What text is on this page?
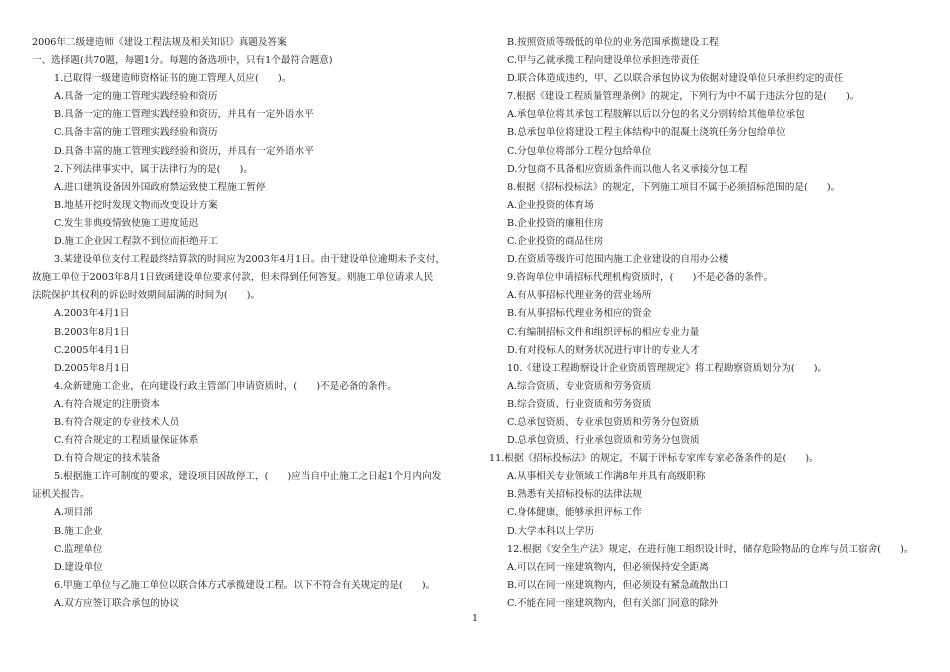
2006年二级建造师《建设工程法规及相关知识》真题及答案
一、选择题(共70题，每题1分。每题的备选项中，只有1个最符合题意)
1.已取得一级建造师资格证书的施工管理人员应(　　)。
A.具备一定的施工管理实践经验和资历
B.具备一定的施工管理实践经验和资历，并具有一定外语水平
C.具备丰富的施工管理实践经验和资历
D.具备丰富的施工管理实践经验和资历，并具有一定外语水平
2.下列法律事实中，属于法律行为的是(　　)。
A.进口建筑设备因外国政府禁运致使工程施工暂停
B.地基开挖时发现文物而改变设计方案
C.发生非典疫情致使施工进度延迟
D.施工企业因工程款不到位而拒绝开工
3.某建设单位支付工程最终结算款的时间应为2003年4月1日。由于建设单位逾期未予支付，
故施工单位于2003年8月1日致函建设单位要求付款，但未得到任何答复。则施工单位请求人民
法院保护其权利的诉讼时效期间届满的时间为(　　)。
A.2003年4月1日
B.2003年8月1日
C.2005年4月1日
D.2005年8月1日
4.众新建施工企业，在向建设行政主管部门申请资质时，(　　)不是必备的条件。
A.有符合规定的注册资本
B.有符合规定的专业技术人员
C.有符合规定的工程质量保证体系
D.有符合规定的技术装备
5.根据施工许可制度的要求，建设项目因故停工，(　　)应当自中止施工之日起1个月内向发
证机关报告。
A.项目部
B.施工企业
C.监理单位
D.建设单位
6.甲施工单位与乙施工单位以联合体方式承揽建设工程。以下不符合有关规定的是(　　)。
A.双方应签订联合承包的协议
B.按照资质等级低的单位的业务范围承揽建设工程
C.甲与乙就承揽工程向建设单位承担连带责任
D.联合体造成违约，甲、乙以联合承包协议为依据对建设单位只承担约定的责任
7.根据《建设工程质量管理条例》的规定，下列行为中不属于违法分包的是(　　)。
A.承包单位将其承包工程肢解以后以分包的名义分别转给其他单位承包
B.总承包单位将建设工程主体结构中的混凝土浇筑任务分包给单位
C.分包单位将部分工程分包给单位
D.分包商不具备相应资质条件而以他人名义承接分包工程
8.根据《招标投标法》的规定，下列施工项目不属于必须招标范围的是(　　)。
A.企业投资的体育场
B.企业投资的廉租住房
C.企业投资的商品住房
D.在资质等级许可范围内施工企业建设的自用办公楼
9.咨询单位申请招标代理机构资质时，(　　)不是必备的条件。
A.有从事招标代理业务的营业场所
B.有从事招标代理业务相应的资金
C.有编制招标文件和组织评标的相应专业力量
D.有对投标人的财务状况进行审计的专业人才
10.《建设工程勘察设计企业资质管理规定》将工程勘察资质划分为(　　)。
A.综合资质、专业资质和劳务资质
B.综合资质、行业资质和劳务资质
C.总承包资质、专业承包资质和劳务分包资质
D.总承包资质、行业承包资质和劳务分包资质
11.根据《招标投标法》的规定，不属于评标专家库专家必备条件的是(　　)。
A.从事相关专业领域工作满8年并具有高级职称
B.熟悉有关招标投标的法律法规
C.身体健康，能够承担评标工作
D.大学本科以上学历
12.根据《安全生产法》规定，在进行施工组织设计时，储存危险物品的仓库与员工宿舍(　　)。
A.可以在同一座建筑物内，但必须保持安全距离
B.可以在同一座建筑物内，但必须设有紧急疏散出口
C.不能在同一座建筑物内，但有关部门同意的除外
1
